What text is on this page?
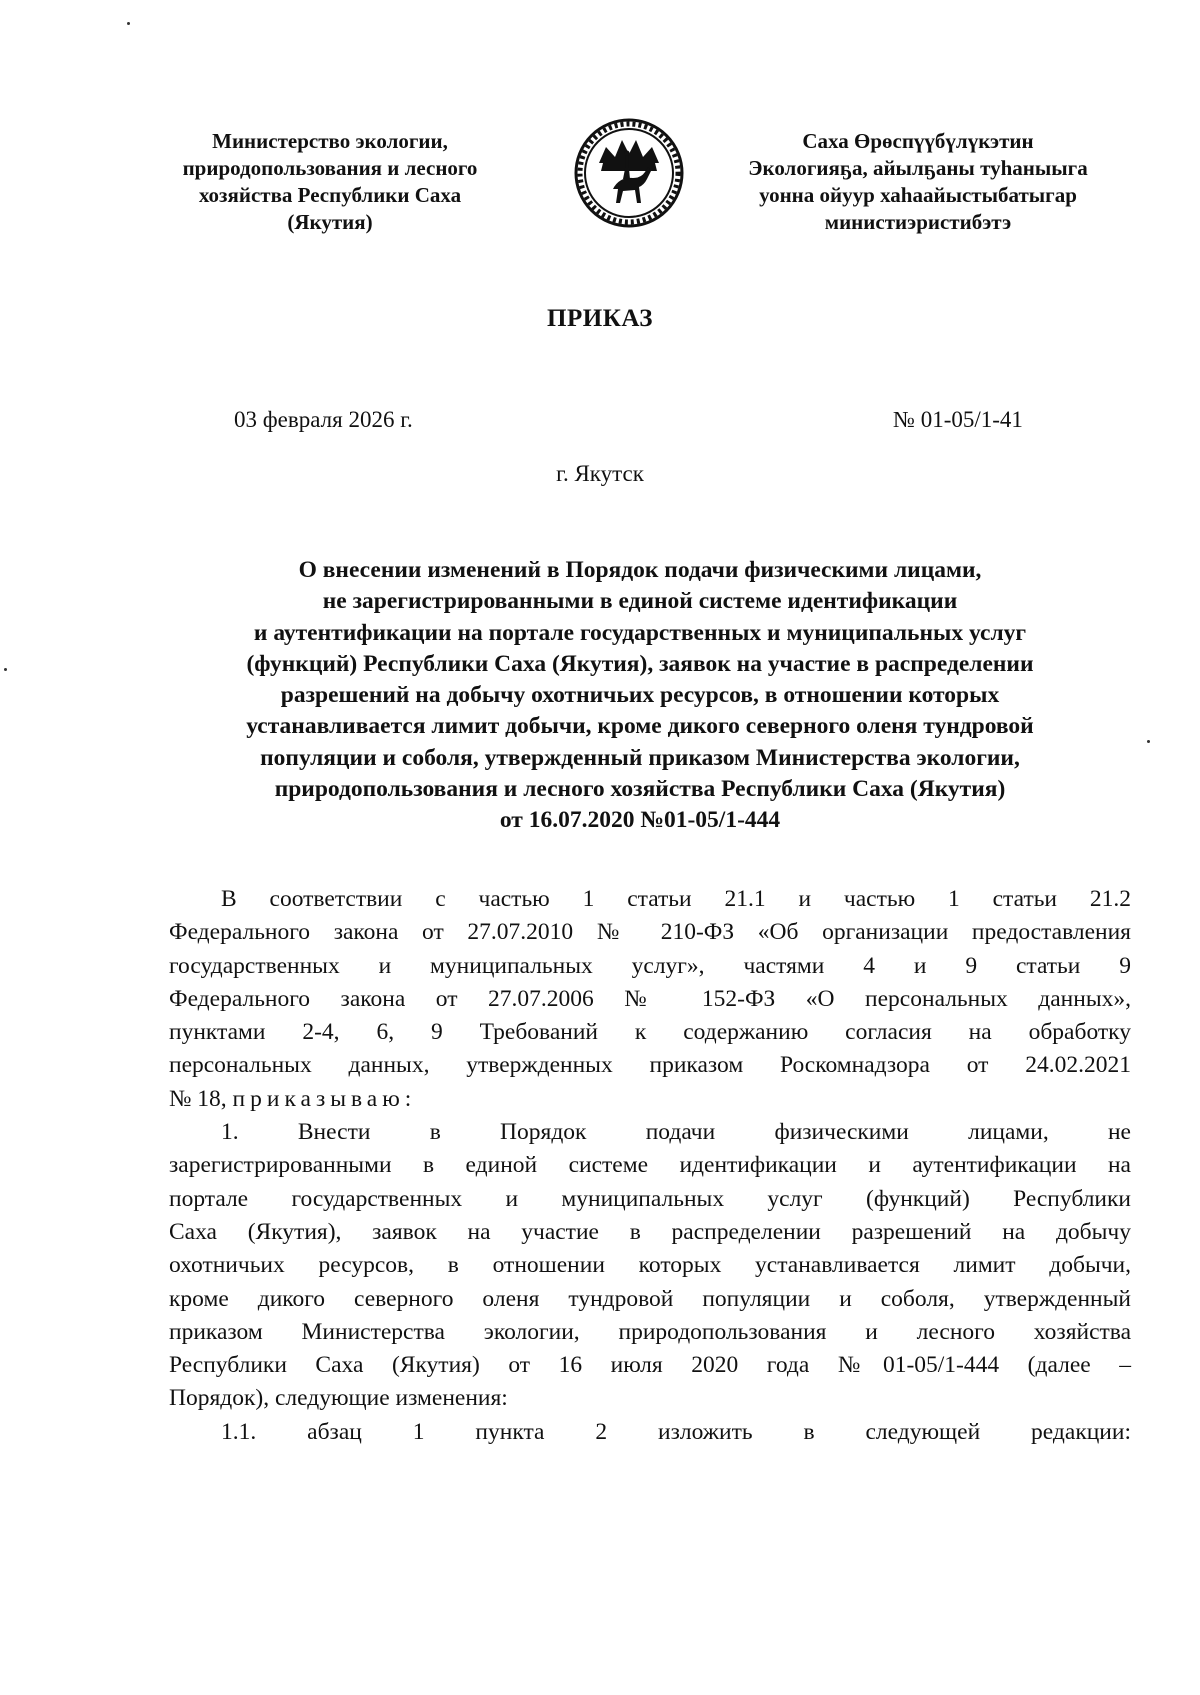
Министерство экологии,
природопользования и лесного
хозяйства Республики Саха
(Якутия)
Саха Өрөспүүбүлүкэтин
Экологияҕа, айылҕаны туһаныыга
уонна ойуур хаһаайыстыбатыгар
министиэристибэтэ
ПРИКАЗ
03 февраля 2026 г.	№ 01-05/1-41
г. Якутск
О внесении изменений в Порядок подачи физическими лицами,
не зарегистрированными в единой системе идентификации
и аутентификации на портале государственных и муниципальных услуг
(функций) Республики Саха (Якутия), заявок на участие в распределении
разрешений на добычу охотничьих ресурсов, в отношении которых
устанавливается лимит добычи, кроме дикого северного оленя тундровой
популяции и соболя, утвержденный приказом Министерства экологии,
природопользования и лесного хозяйства Республики Саха (Якутия)
от 16.07.2020 №01-05/1-444
В соответствии с частью 1 статьи 21.1 и частью 1 статьи 21.2
Федерального закона от 27.07.2010 № 210-ФЗ «Об организации предоставления
государственных и муниципальных услуг», частями 4 и 9 статьи 9
Федерального закона от 27.07.2006 № 152-ФЗ «О персональных данных»,
пунктами 2-4, 6, 9 Требований к содержанию согласия на обработку
персональных данных, утвержденных приказом Роскомнадзора от 24.02.2021
№ 18, приказываю:
1. Внести в Порядок подачи физическими лицами, не
зарегистрированными в единой системе идентификации и аутентификации на
портале государственных и муниципальных услуг (функций) Республики
Саха (Якутия), заявок на участие в распределении разрешений на добычу
охотничьих ресурсов, в отношении которых устанавливается лимит добычи,
кроме дикого северного оленя тундровой популяции и соболя, утвержденный
приказом Министерства экологии, природопользования и лесного хозяйства
Республики Саха (Якутия) от 16 июля 2020 года №01-05/1-444 (далее –
Порядок), следующие изменения:
1.1. абзац 1 пункта 2 изложить в следующей редакции:
